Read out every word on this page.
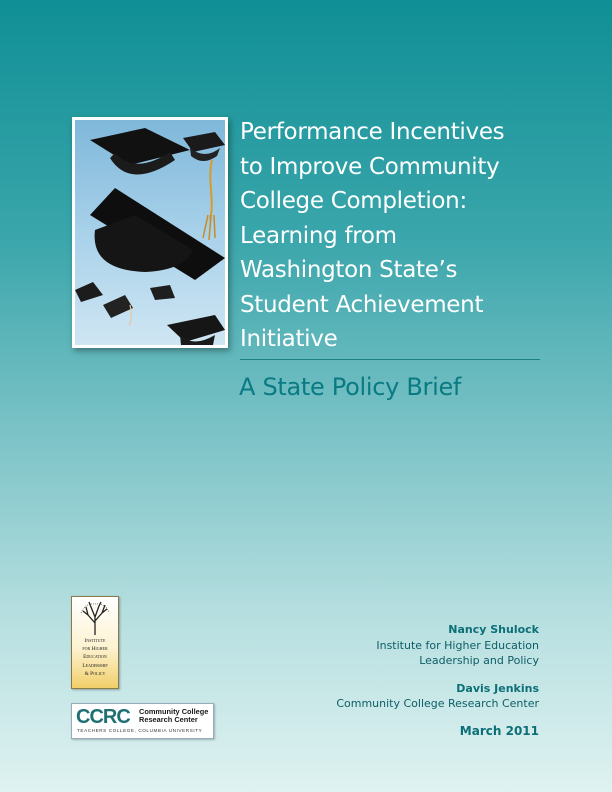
Performance Incentives
to Improve Community
College Completion:
Learning from
Washington State’s
Student Achievement
Initiative
A State Policy Brief
Institute
for Higher
Education
Leadership
& Policy
CCRC Community College
Research Center
TEACHERS COLLEGE, COLUMBIA UNIVERSITY
Nancy Shulock
Institute for Higher Education
Leadership and Policy
Davis Jenkins
Community College Research Center

March 2011
